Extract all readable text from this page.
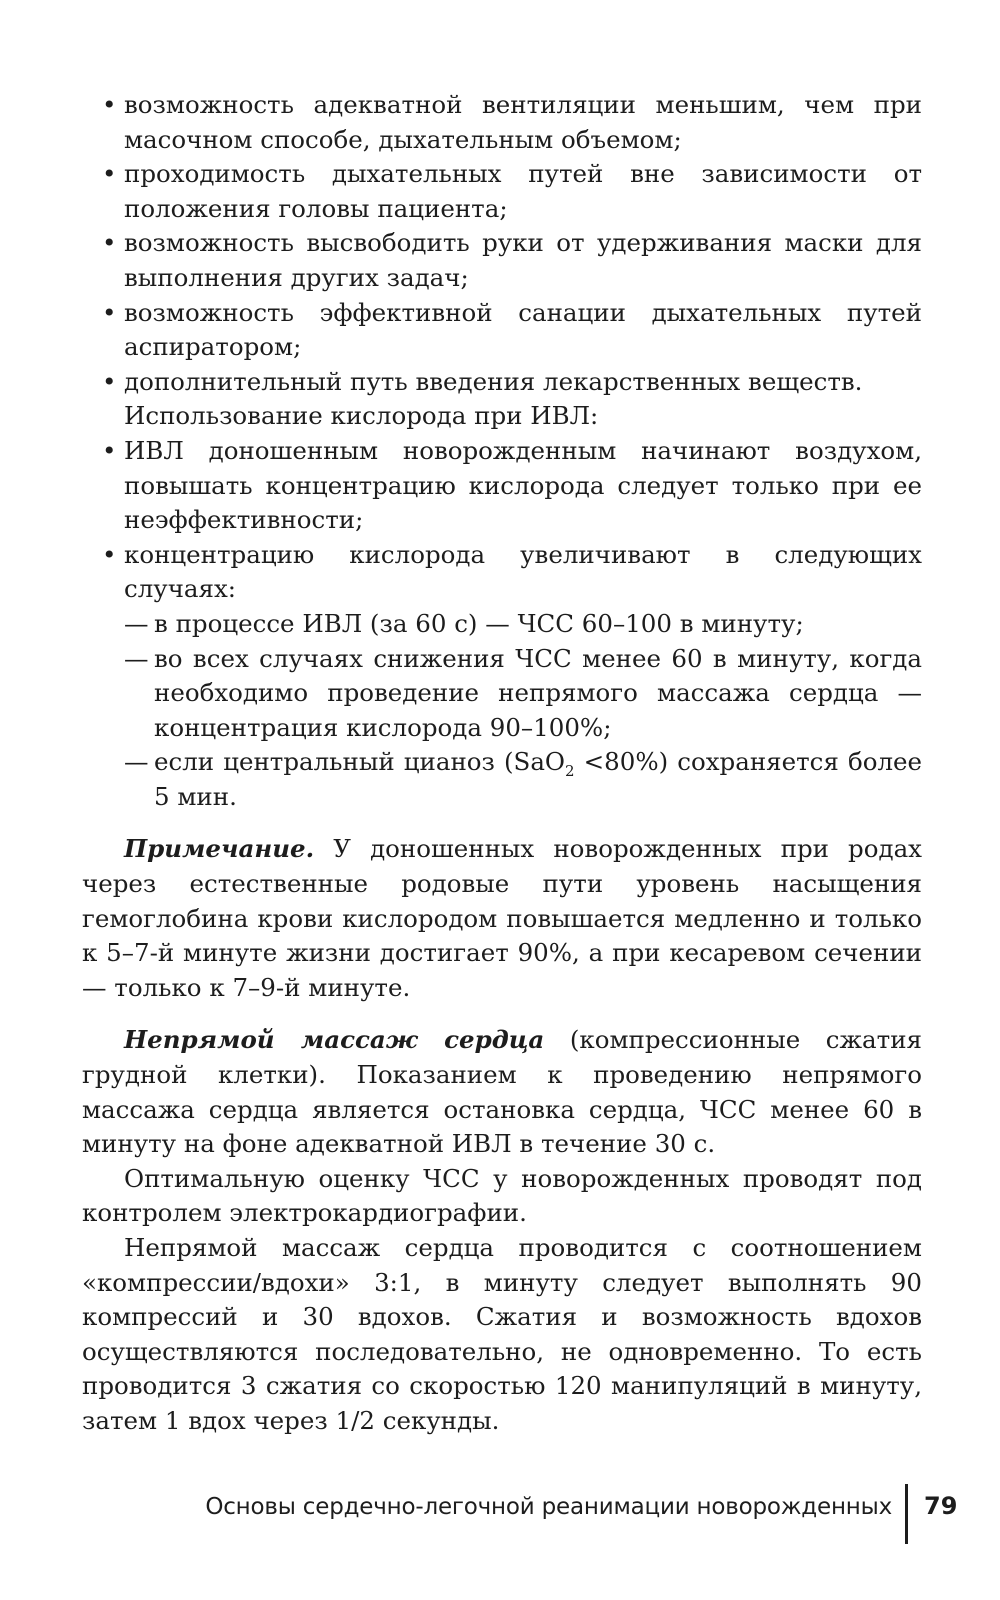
• возможность адекватной вентиляции меньшим, чем при масочном способе, дыхательным объемом;
• проходимость дыхательных путей вне зависимости от положения головы пациента;
• возможность высвободить руки от удерживания маски для выполнения других задач;
• возможность эффективной санации дыхательных путей аспиратором;
• дополнительный путь введения лекарственных веществ.

Использование кислорода при ИВЛ:

• ИВЛ доношенным новорожденным начинают воздухом, повышать концентрацию кислорода следует только при ее неэффективности;
• концентрацию кислорода увеличивают в следующих случаях:
— в процессе ИВЛ (за 60 с) — ЧСС 60–100 в минуту;
— во всех случаях снижения ЧСС менее 60 в минуту, когда необходимо проведение непрямого массажа сердца — концентрация кислорода 90–100%;
— если центральный цианоз (SaO$_2$ <80%) сохраняется более 5 мин.

Примечание. У доношенных новорожденных при родах через естественные родовые пути уровень насыщения гемоглобина крови кислородом повышается медленно и только к 5–7-й минуте жизни достигает 90%, а при кесаревом сечении — только к 7–9-й минуте.

Непрямой массаж сердца (компрессионные сжатия грудной клетки). Показанием к проведению непрямого массажа сердца является остановка сердца, ЧСС менее 60 в минуту на фоне адекватной ИВЛ в течение 30 с.

Оптимальную оценку ЧСС у новорожденных проводят под контролем электрокардиографии.

Непрямой массаж сердца проводится с соотношением «компрессии/вдохи» 3:1, в минуту следует выполнять 90 компрессий и 30 вдохов. Сжатия и возможность вдохов осуществляются последовательно, не одновременно. То есть проводится 3 сжатия со скоростью 120 манипуляций в минуту, затем 1 вдох через 1/2 секунды.

Основы сердечно-легочной реанимации новорожденных 79
